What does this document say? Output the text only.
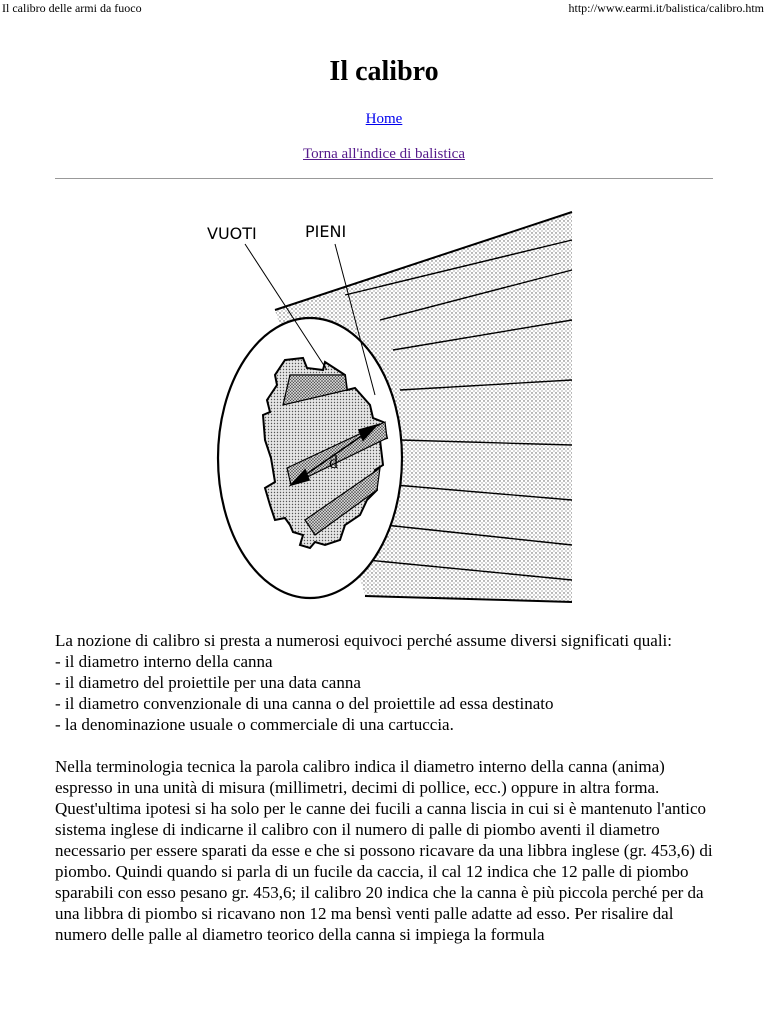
Il calibro delle armi da fuoco	http://www.earmi.it/balistica/calibro.htm
Il calibro
Home
Torna all'indice di balistica
d
VUOTI	PIENI

La nozione di calibro si presta a numerosi equivoci perché assume diversi significati quali:

- il diametro interno della canna

- il diametro del proiettile per una data canna

- il diametro convenzionale di una canna o del proiettile ad essa destinato

- la denominazione usuale o commerciale di una cartuccia.

Nella terminologia tecnica la parola calibro indica il diametro interno della canna (anima) espresso in una unità di misura (millimetri, decimi di pollice, ecc.) oppure in altra forma.

Quest'ultima ipotesi si ha solo per le canne dei fucili a canna liscia in cui si è mantenuto l'antico sistema inglese di indicarne il calibro con il numero di palle di piombo aventi il diametro necessario per essere sparati da esse e che si possono ricavare da una libbra inglese (gr. 453,6) di piombo. Quindi quando si parla di un fucile da caccia, il cal 12 indica che 12 palle di piombo sparabili con esso pesano gr. 453,6; il calibro 20 indica che la canna è più piccola perché per da una libbra di piombo si ricavano non 12 ma bensì venti palle adatte ad esso. Per risalire dal numero delle palle al diametro teorico della canna si impiega la formula
